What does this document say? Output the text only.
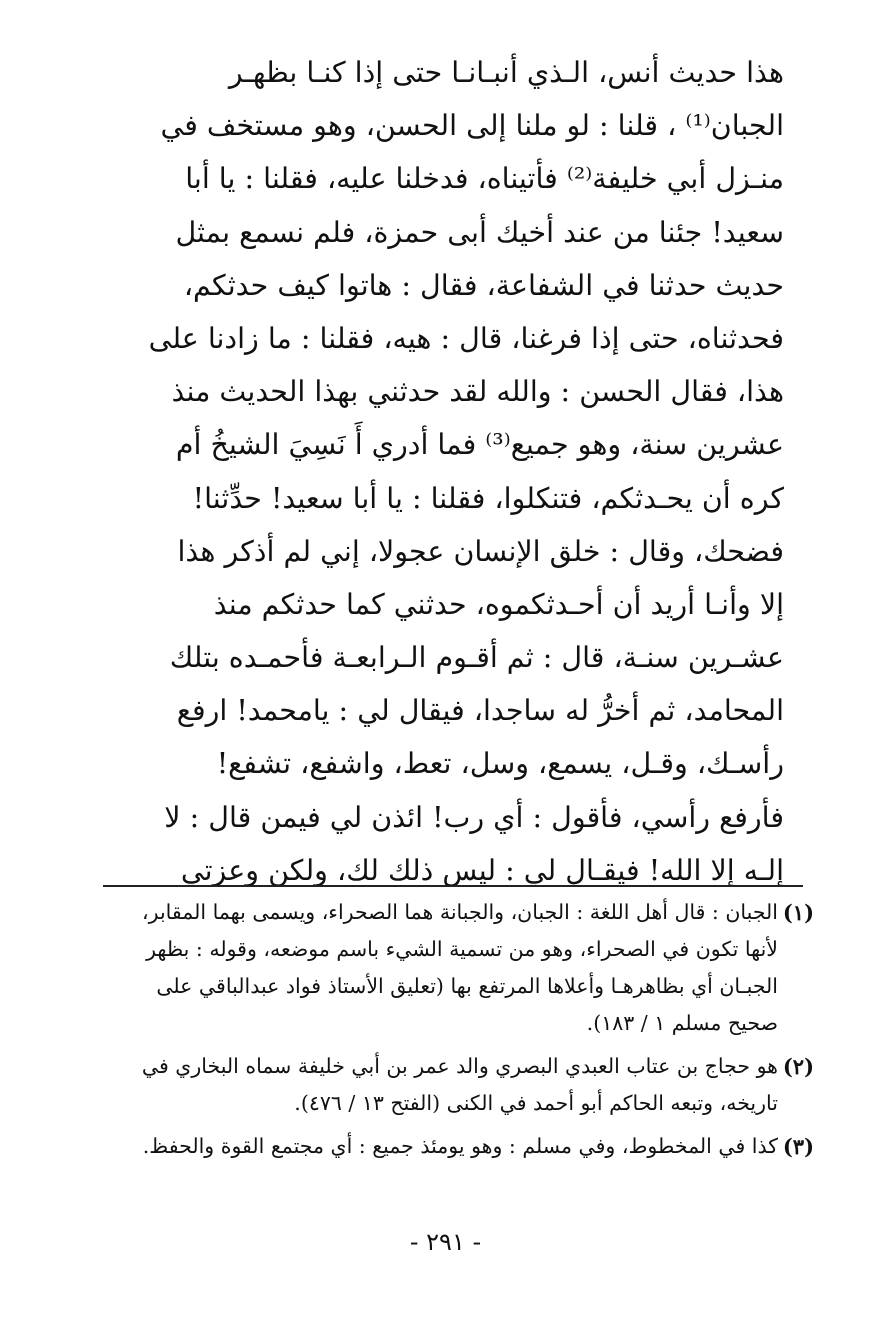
هذا حديث أنس، الـذي أنبـانـا حتى إذا كنـا بظهـر
الجبان⁽¹⁾ ، قلنا : لو ملنا إلى الحسن، وهو مستخف في
منـزل أبي خليفة⁽²⁾ فأتيناه، فدخلنا عليه، فقلنا : يا أبا
سعيد! جئنا من عند أخيك أبى حمزة، فلم نسمع بمثل
حديث حدثنا في الشفاعة، فقال : هاتوا كيف حدثكم،
فحدثناه، حتى إذا فرغنا، قال : هيه، فقلنا : ما زادنا على
هذا، فقال الحسن : والله لقد حدثني بهذا الحديث منذ
عشرين سنة، وهو جميع⁽³⁾ فما أدري أَ نَسِيَ الشيخُ أم
كره أن يحـدثكم، فتنكلوا، فقلنا : يا أبا سعيد! حدِّثنا!
فضحك، وقال : خلق الإنسان عجولا، إني لم أذكر هذا
إلا وأنـا أريد أن أحـدثكموه، حدثني كما حدثكم منذ
عشـرين سنـة، قال : ثم أقـوم الـرابعـة فأحمـده بتلك
المحامد، ثم أخرُّ له ساجدا، فيقال لي : يامحمد! ارفع
رأسـك، وقـل، يسمع، وسل، تعط، واشفع، تشفع!
فأرفع رأسي، فأقول : أي رب! ائذن لي فيمن قال : لا
إلـه إلا الله! فيقـال لي : ليس ذلك لك، ولكن وعزتي
(١)
الجبان : قال أهل اللغة : الجبان، والجبانة هما الصحراء، ويسمى بهما المقابر،
لأنها تكون في الصحراء، وهو من تسمية الشيء باسم موضعه، وقوله : بظهر
الجبـان أي بظاهرهـا وأعلاها المرتفع بها (تعليق الأستاذ فواد عبدالباقي على
صحيح مسلم ١ / ١٨٣).
(٢)
هو حجاج بن عتاب العبدي البصري والد عمر بن أبي خليفة سماه البخاري في
تاريخه، وتبعه الحاكم أبو أحمد في الكنى (الفتح ١٣ / ٤٧٦).
(٣)
كذا في المخطوط، وفي مسلم : وهو يومئذ جميع : أي مجتمع القوة والحفظ.
- ٢٩١ -
